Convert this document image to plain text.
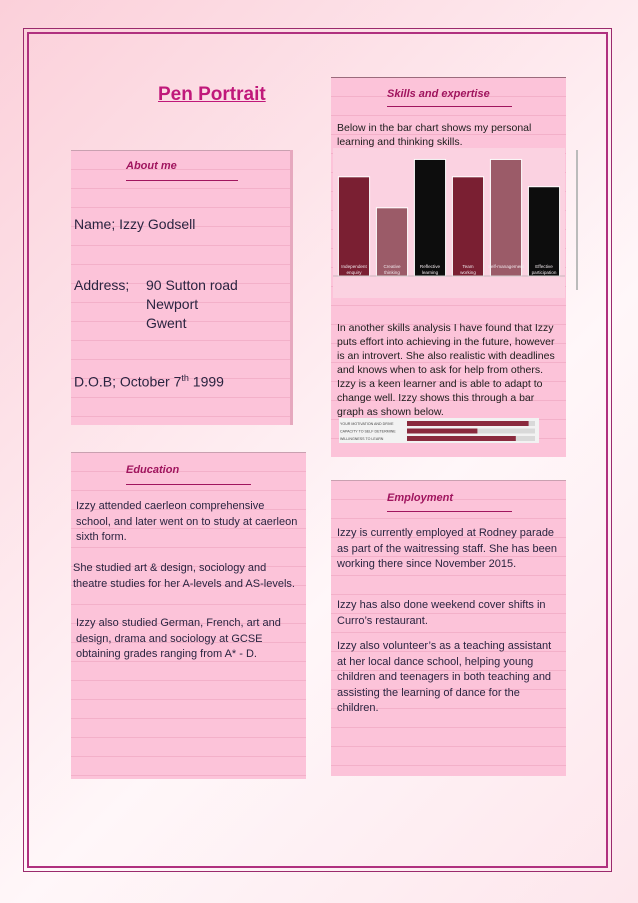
Pen Portrait
About me
Name; Izzy Godsell
Address; 90 Sutton road
Newport
Gwent
D.O.B; October 7th 1999
Skills and expertise
Below in the bar chart shows my personal learning and thinking skills.
Independent
enquiry
Creative
thinking
Reflective
learning
Team
working
Self-management Effective
participation
In another skills analysis I have found that Izzy puts effort into achieving in the future, however is an introvert. She also realistic with deadlines and knows when to ask for help from others. Izzy is a keen learner and is able to adapt to change well. Izzy shows this through a bar graph as shown below.
YOUR MOTIVATION AND DRIVE
CAPACITY TO SELF DETERMINE
WILLINGNESS TO LEARN
Education
Izzy attended caerleon comprehensive school, and later went on to study at caerleon sixth form.
She studied art & design, sociology and theatre studies for her A-levels and AS-levels.
Izzy also studied German, French, art and design, drama and sociology at GCSE obtaining grades ranging from A* - D.
Employment
Izzy is currently employed at Rodney parade as part of the waitressing staff. She has been working there since November 2015.
Izzy has also done weekend cover shifts in Curro’s restaurant.
Izzy also volunteer’s as a teaching assistant at her local dance school, helping young children and teenagers in both teaching and assisting the learning of dance for the children.
